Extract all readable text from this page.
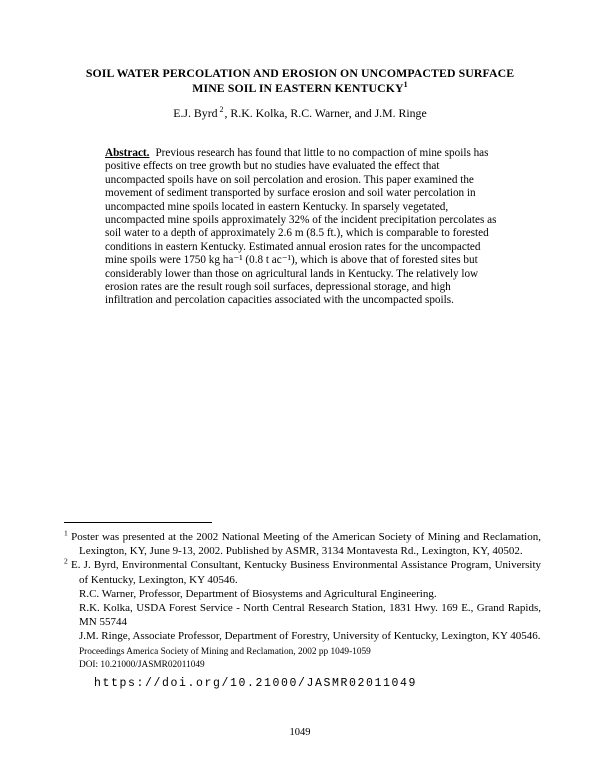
SOIL WATER PERCOLATION AND EROSION ON UNCOMPACTED SURFACE
MINE SOIL IN EASTERN KENTUCKY$^1$
E.J. Byrd $^2$, R.K. Kolka, R.C. Warner, and J.M. Ringe
Abstract. Previous research has found that little to no compaction of mine spoils has positive effects on tree growth but no studies have evaluated the effect that uncompacted spoils have on soil percolation and erosion. This paper examined the movement of sediment transported by surface erosion and soil water percolation in uncompacted mine spoils located in eastern Kentucky. In sparsely vegetated, uncompacted mine spoils approximately 32% of the incident precipitation percolates as soil water to a depth of approximately 2.6 m (8.5 ft.), which is comparable to forested conditions in eastern Kentucky. Estimated annual erosion rates for the uncompacted mine spoils were 1750 kg ha⁻¹ (0.8 t ac⁻¹), which is above that of forested sites but considerably lower than those on agricultural lands in Kentucky. The relatively low erosion rates are the result rough soil surfaces, depressional storage, and high infiltration and percolation capacities associated with the uncompacted spoils.

$^1$ Poster was presented at the 2002 National Meeting of the American Society of Mining and Reclamation, Lexington, KY, June 9-13, 2002. Published by ASMR, 3134 Montavesta Rd., Lexington, KY, 40502.

$^2$ E. J. Byrd, Environmental Consultant, Kentucky Business Environmental Assistance Program, University of Kentucky, Lexington, KY 40546.

R.C. Warner, Professor, Department of Biosystems and Agricultural Engineering.

R.K. Kolka, USDA Forest Service - North Central Research Station, 1831 Hwy. 169 E., Grand Rapids, MN 55744

J.M. Ringe, Associate Professor, Department of Forestry, University of Kentucky, Lexington, KY 40546.

Proceedings America Society of Mining and Reclamation, 2002 pp 1049-1059

DOI: 10.21000/JASMR02011049

https://doi.org/10.21000/JASMR02011049
1049
